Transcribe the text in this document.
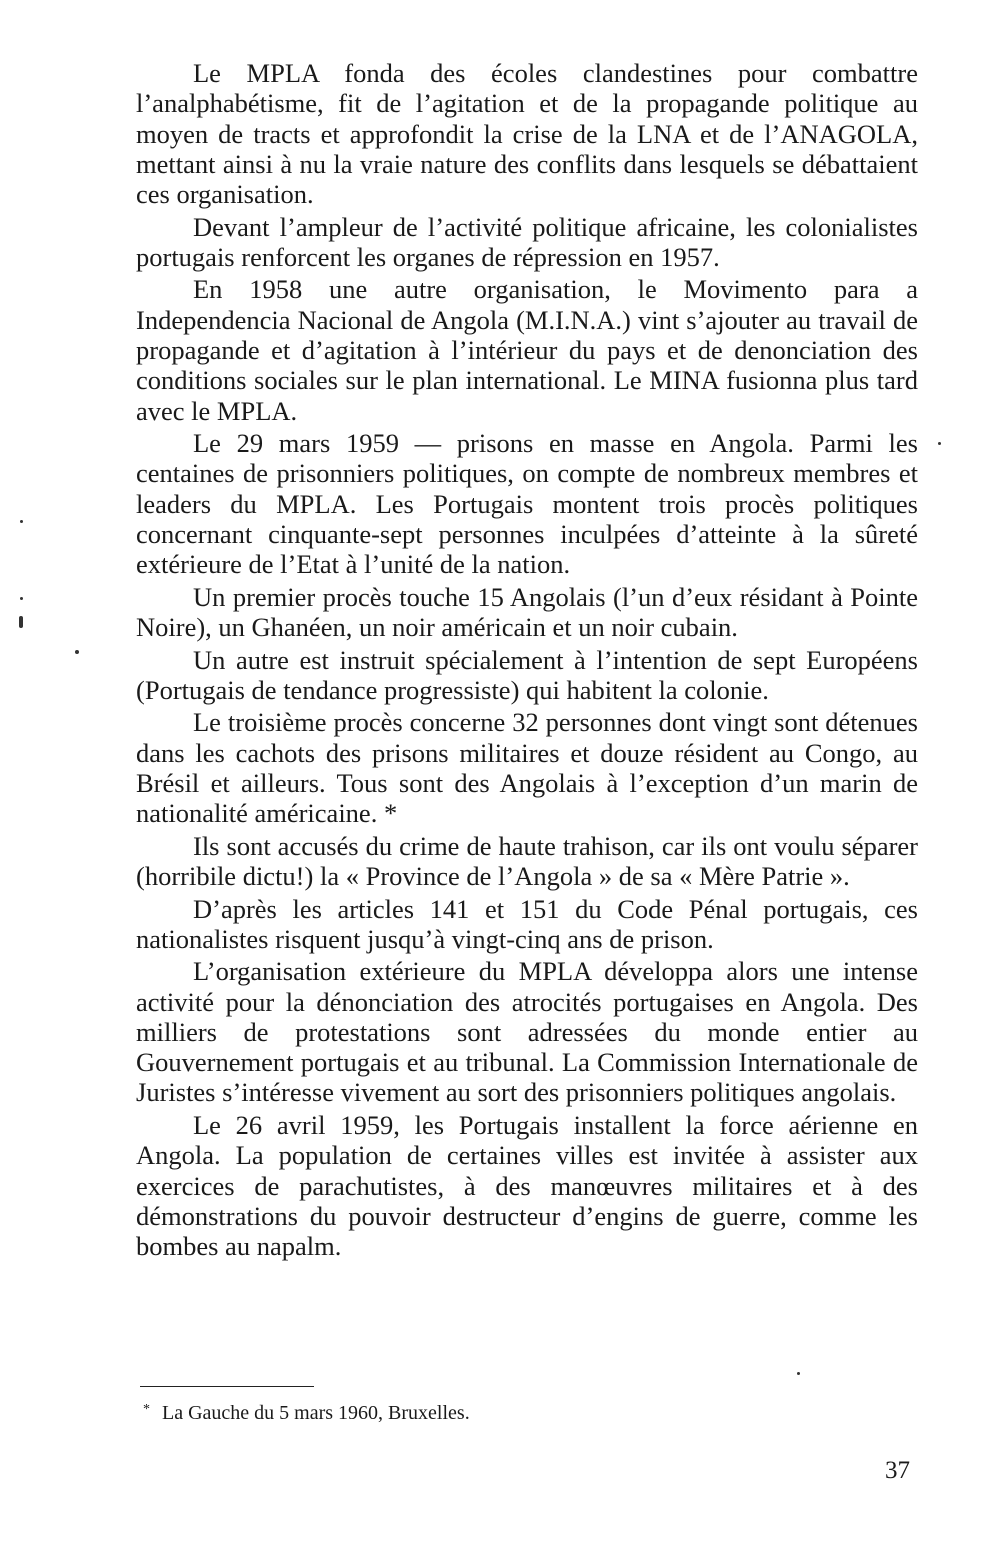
Le MPLA fonda des écoles clandestines pour combattre l’analphabétisme, fit de l’agitation et de la propagande politique au moyen de tracts et approfondit la crise de la LNA et de l’ANAGOLA, mettant ainsi à nu la vraie nature des conflits dans lesquels se débattaient ces organisation.

Devant l’ampleur de l’activité politique africaine, les colonialistes portugais renforcent les organes de répression en 1957.

En 1958 une autre organisation, le Movimento para a Independencia Nacional de Angola (M.I.N.A.) vint s’ajouter au travail de propagande et d’agitation à l’intérieur du pays et de denonciation des conditions sociales sur le plan international. Le MINA fusionna plus tard avec le MPLA.

Le 29 mars 1959 — prisons en masse en Angola. Parmi les centaines de prisonniers politiques, on compte de nombreux membres et leaders du MPLA. Les Portugais montent trois procès politiques concernant cinquante-sept personnes inculpées d’atteinte à la sûreté extérieure de l’Etat à l’unité de la nation.

Un premier procès touche 15 Angolais (l’un d’eux résidant à Pointe Noire), un Ghanéen, un noir américain et un noir cubain.

Un autre est instruit spécialement à l’intention de sept Européens (Portugais de tendance progressiste) qui habitent la colonie.

Le troisième procès concerne 32 personnes dont vingt sont détenues dans les cachots des prisons militaires et douze résident au Congo, au Brésil et ailleurs. Tous sont des Angolais à l’exception d’un marin de nationalité américaine. *

Ils sont accusés du crime de haute trahison, car ils ont voulu séparer (horribile dictu!) la « Province de l’Angola » de sa « Mère Patrie ».

D’après les articles 141 et 151 du Code Pénal portugais, ces nationalistes risquent jusqu’à vingt-cinq ans de prison.

L’organisation extérieure du MPLA développa alors une intense activité pour la dénonciation des atrocités portugaises en Angola. Des milliers de protestations sont adressées du monde entier au Gouvernement portugais et au tribunal. La Commission Internationale de Juristes s’intéresse vivement au sort des prisonniers politiques angolais.

Le 26 avril 1959, les Portugais installent la force aérienne en Angola. La population de certaines villes est invitée à assister aux exercices de parachutistes, à des manœuvres militaires et à des démonstrations du pouvoir destructeur d’engins de guerre, comme les bombes au napalm.

* La Gauche du 5 mars 1960, Bruxelles.
37
